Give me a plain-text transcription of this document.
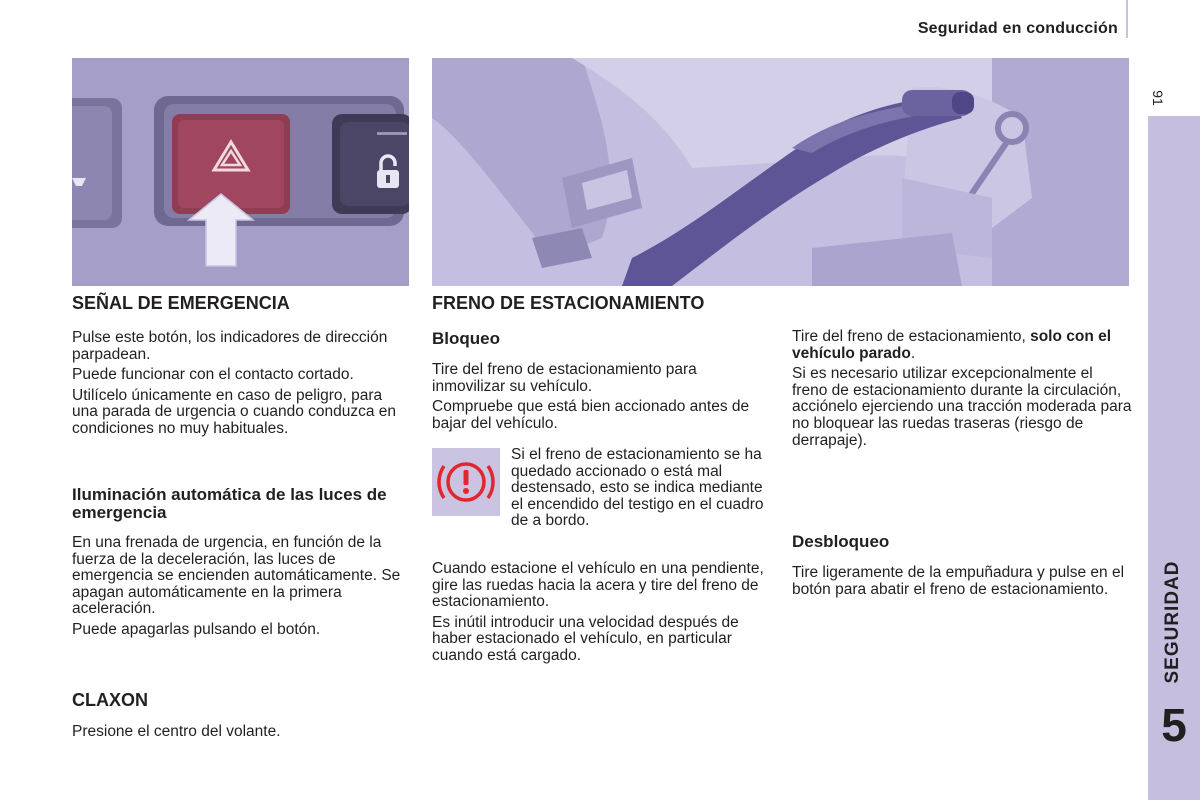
Seguridad en conducción
91
SEGURIDAD
5
SEÑAL DE EMERGENCIA

Pulse este botón, los indicadores de dirección parpadean.

Puede funcionar con el contacto cortado.

Utilícelo únicamente en caso de peligro, para una parada de urgencia o cuando conduzca en condiciones no muy habituales.

Iluminación automática de las luces de emergencia

En una frenada de urgencia, en función de la fuerza de la deceleración, las luces de emergencia se encienden automáticamente. Se apagan automáticamente en la primera aceleración.

Puede apagarlas pulsando el botón.

CLAXON
Presione el centro del volante.
FRENO DE ESTACIONAMIENTO
Bloqueo

Tire del freno de estacionamiento para inmovilizar su vehículo.

Compruebe que está bien accionado antes de bajar del vehículo.

Si el freno de estacionamiento se ha quedado accionado o está mal destensado, esto se indica mediante el encendido del testigo en el cuadro de a bordo.

Cuando estacione el vehículo en una pendiente, gire las ruedas hacia la acera y tire del freno de estacionamiento.

Es inútil introducir una velocidad después de haber estacionado el vehículo, en particular cuando está cargado.

Tire del freno de estacionamiento, solo con el vehículo parado.

Si es necesario utilizar excepcionalmente el freno de estacionamiento durante la circulación, acciónelo ejerciendo una tracción moderada para no bloquear las ruedas traseras (riesgo de derrapaje).

Desbloqueo
Tire ligeramente de la empuñadura y pulse en el botón para abatir el freno de estacionamiento.
